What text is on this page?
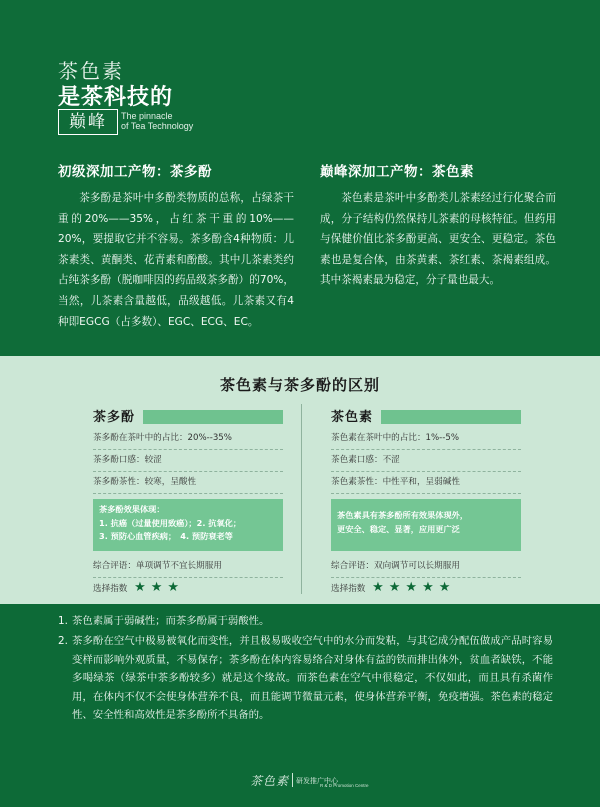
茶色素
是茶科技的
巅峰	The pinnacle
of Tea Technology
初级深加工产物：茶多酚

茶多酚是茶叶中多酚类物质的总称，占绿茶干重的20%——35%，占红茶干重的10%——20%，要提取它并不容易。茶多酚含4种物质：儿茶素类、黄酮类、花青素和酚酸。其中儿茶素类约占纯茶多酚（脱咖啡因的药品级茶多酚）的70%，当然，儿茶素含量越低，品级越低。儿茶素又有4种即EGCG（占多数）、EGC、ECG、EC。

巅峰深加工产物：茶色素

茶色素是茶叶中多酚类儿茶素经过行化聚合而成，分子结构仍然保持儿茶素的母核特征。但药用与保健价值比茶多酚更高、更安全、更稳定。茶色素也是复合体，由茶黄素、茶红素、茶褐素组成。其中茶褐素最为稳定，分子量也最大。

茶色素与茶多酚的区别
茶多酚
茶多酚在茶叶中的占比：20%--35%
茶多酚口感：较涩
茶多酚茶性：较寒，呈酸性
茶多酚效果体现：
1. 抗癌（过量使用致癌）；2. 抗氧化；
3. 预防心血管疾病；　4. 预防衰老等
综合评语：单项调节不宜长期服用
选择指数 ★★★
茶色素
茶色素在茶叶中的占比：1%--5%
茶色素口感：不涩
茶色素茶性：中性平和，呈弱碱性
茶色素具有茶多酚所有效果体现外，
更安全、稳定、显著，应用更广泛
综合评语：双向调节可以长期服用
选择指数 ★★★★★
1. 茶色素属于弱碱性；而茶多酚属于弱酸性。
2. 茶多酚在空气中极易被氧化而变性，并且极易吸收空气中的水分而发粘，与其它成分配伍做成产品时容易变样而影响外观质量，不易保存；茶多酚在体内容易络合对身体有益的铁而排出体外，贫血者缺铁，不能多喝绿茶（绿茶中茶多酚较多）就是这个缘故。而茶色素在空气中很稳定，不仅如此，而且具有杀菌作用，在体内不仅不会使身体营养不良，而且能调节微量元素，使身体营养平衡，免疫增强。茶色素的稳定性、安全性和高效性是茶多酚所不具备的。
茶色素 研发推广中心
R & D Promotion Centre
